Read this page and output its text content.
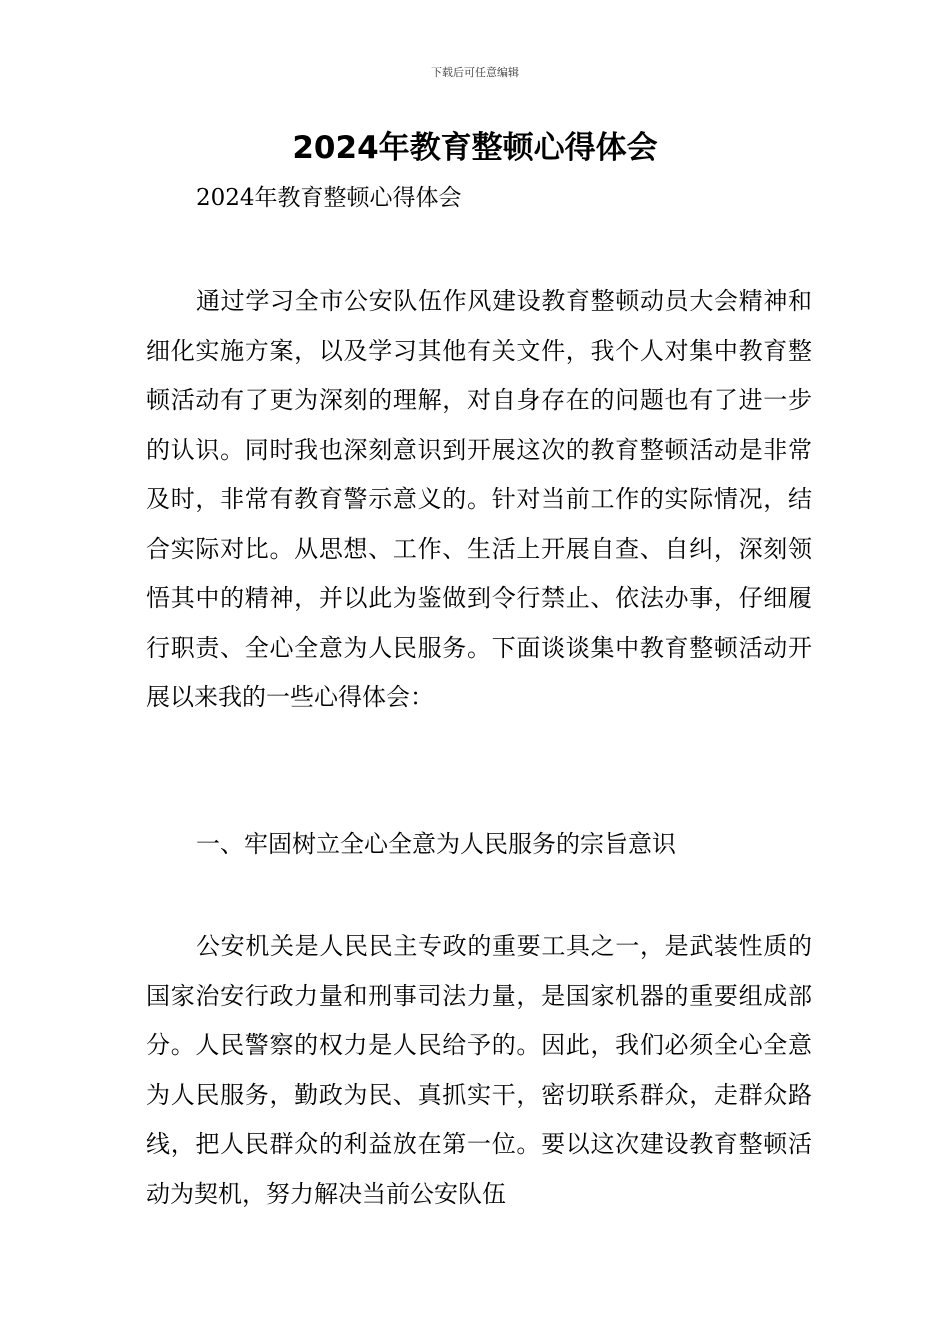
下载后可任意编辑
2024年教育整顿心得体会
2024年教育整顿心得体会

通过学习全市公安队伍作风建设教育整顿动员大会精神和细化实施方案，以及学习其他有关文件，我个人对集中教育整顿活动有了更为深刻的理解，对自身存在的问题也有了进一步的认识。同时我也深刻意识到开展这次的教育整顿活动是非常及时，非常有教育警示意义的。针对当前工作的实际情况，结合实际对比。从思想、工作、生活上开展自查、自纠，深刻领悟其中的精神，并以此为鉴做到令行禁止、依法办事，仔细履行职责、全心全意为人民服务。下面谈谈集中教育整顿活动开展以来我的一些心得体会：

一、牢固树立全心全意为人民服务的宗旨意识

公安机关是人民民主专政的重要工具之一，是武装性质的国家治安行政力量和刑事司法力量，是国家机器的重要组成部分。人民警察的权力是人民给予的。因此，我们必须全心全意为人民服务，勤政为民、真抓实干，密切联系群众，走群众路线，把人民群众的利益放在第一位。要以这次建设教育整顿活动为契机，努力解决当前公安队伍
